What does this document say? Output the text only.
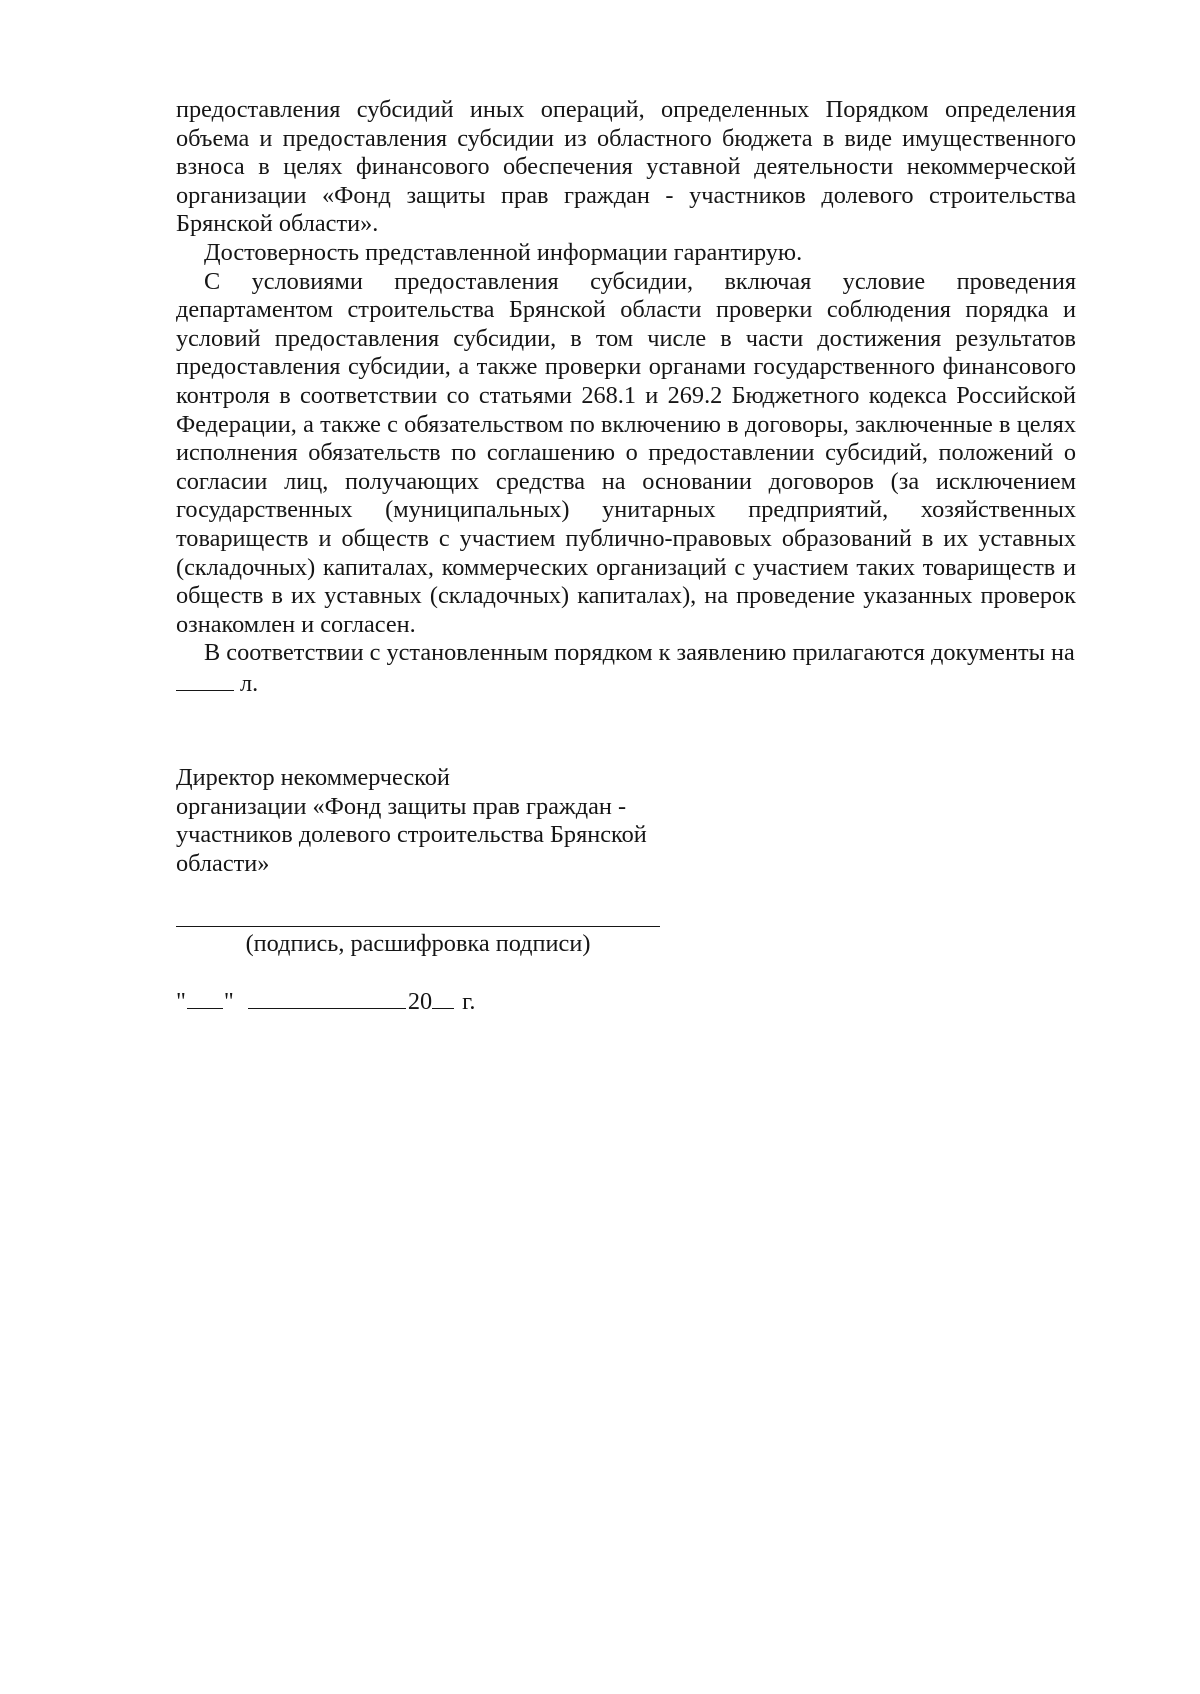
предоставления субсидий иных операций, определенных Порядком определения объема и предоставления субсидии из областного бюджета в виде имущественного взноса в целях финансового обеспечения уставной деятельности некоммерческой организации «Фонд защиты прав граждан - участников долевого строительства Брянской области».

Достоверность представленной информации гарантирую.

С условиями предоставления субсидии, включая условие проведения департаментом строительства Брянской области проверки соблюдения порядка и условий предоставления субсидии, в том числе в части достижения результатов предоставления субсидии, а также проверки органами государственного финансового контроля в соответствии со статьями 268.1 и 269.2 Бюджетного кодекса Российской Федерации, а также с обязательством по включению в договоры, заключенные в целях исполнения обязательств по соглашению о предоставлении субсидий, положений о согласии лиц, получающих средства на основании договоров (за исключением государственных (муниципальных) унитарных предприятий, хозяйственных товариществ и обществ с участием публично-правовых образований в их уставных (складочных) капиталах, коммерческих организаций с участием таких товариществ и обществ в их уставных (складочных) капиталах), на проведение указанных проверок ознакомлен и согласен.

В соответствии с установленным порядком к заявлению прилагаются документы на

л.

Директор некоммерческой
организации «Фонд защиты прав граждан -
участников долевого строительства Брянской
области»
(подпись, расшифровка подписи)
" "	20 г.
